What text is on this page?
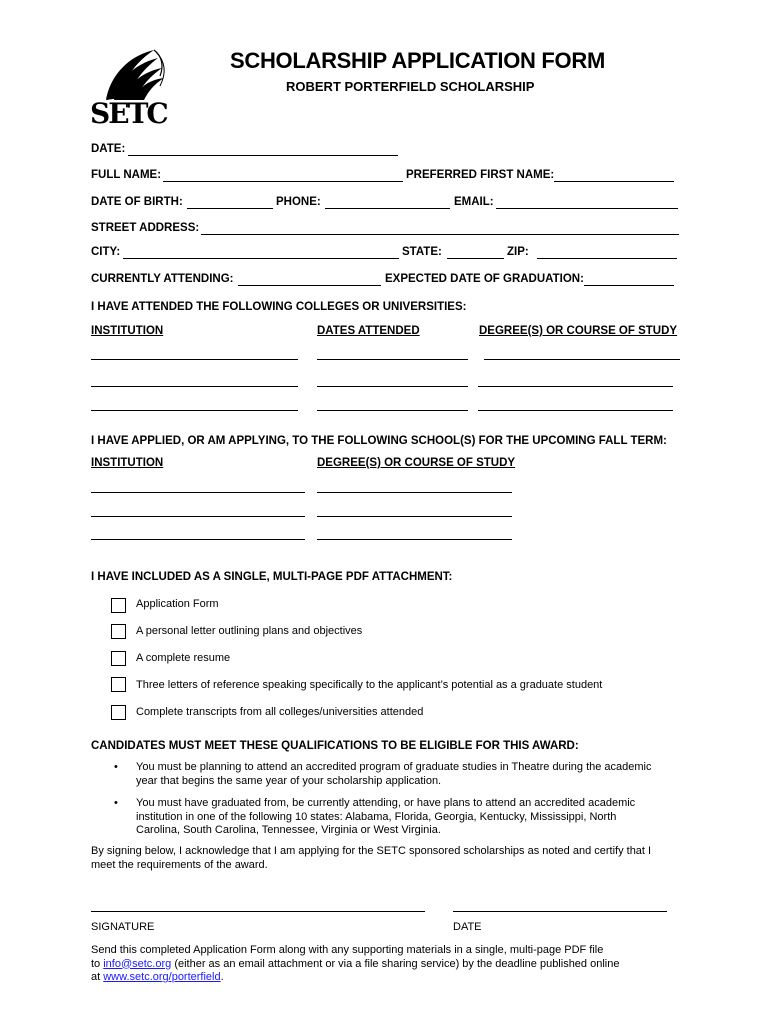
SETC
SCHOLARSHIP APPLICATION FORM
ROBERT PORTERFIELD SCHOLARSHIP
DATE:
FULL NAME:	PREFERRED FIRST NAME:
DATE OF BIRTH:	PHONE:	EMAIL:
STREET ADDRESS:
CITY:	STATE:	ZIP:
CURRENTLY ATTENDING:	EXPECTED DATE OF GRADUATION:
I HAVE ATTENDED THE FOLLOWING COLLEGES OR UNIVERSITIES:
INSTITUTION	DATES ATTENDED	DEGREE(S) OR COURSE OF STUDY
I HAVE APPLIED, OR AM APPLYING, TO THE FOLLOWING SCHOOL(S) FOR THE UPCOMING FALL TERM:
INSTITUTION	DEGREE(S) OR COURSE OF STUDY
I HAVE INCLUDED AS A SINGLE, MULTI-PAGE PDF ATTACHMENT:
Application Form
A personal letter outlining plans and objectives
A complete resume
Three letters of reference speaking specifically to the applicant’s potential as a graduate student
Complete transcripts from all colleges/universities attended
CANDIDATES MUST MEET THESE QUALIFICATIONS TO BE ELIGIBLE FOR THIS AWARD:
• You must be planning to attend an accredited program of graduate studies in Theatre during the academic
year that begins the same year of your scholarship application.
• You must have graduated from, be currently attending, or have plans to attend an accredited academic
institution in one of the following 10 states: Alabama, Florida, Georgia, Kentucky, Mississippi, North
Carolina, South Carolina, Tennessee, Virginia or West Virginia.
By signing below, I acknowledge that I am applying for the SETC sponsored scholarships as noted and certify that I
meet the requirements of the award.
SIGNATURE	DATE
Send this completed Application Form along with any supporting materials in a single, multi-page PDF file
to info@setc.org (either as an email attachment or via a file sharing service) by the deadline published online
at www.setc.org/porterfield.
